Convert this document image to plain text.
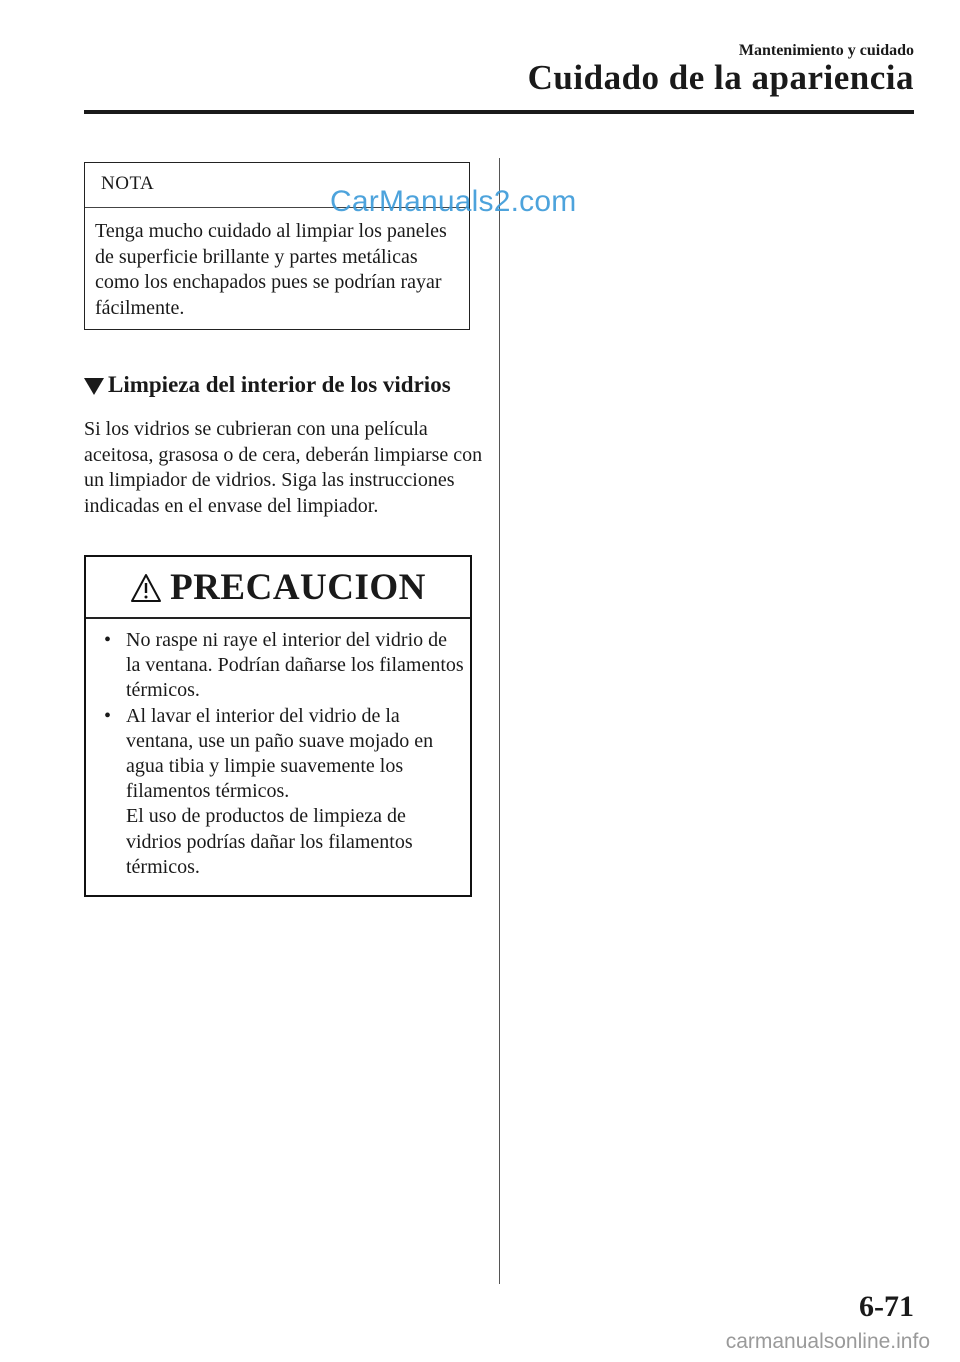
Mantenimiento y cuidado
Cuidado de la apariencia
NOTA
Tenga mucho cuidado al limpiar los paneles de superficie brillante y partes metálicas como los enchapados pues se podrían rayar fácilmente.
CarManuals2.com
Limpieza del interior de los vidrios
Si los vidrios se cubrieran con una película aceitosa, grasosa o de cera, deberán limpiarse con un limpiador de vidrios. Siga las instrucciones indicadas en el envase del limpiador.
PRECAUCION
• No raspe ni raye el interior del vidrio de la ventana. Podrían dañarse los filamentos térmicos.
• Al lavar el interior del vidrio de la ventana, use un paño suave mojado en agua tibia y limpie suavemente los filamentos térmicos.
El uso de productos de limpieza de vidrios podrías dañar los filamentos térmicos.
6-71
carmanualsonline.info
